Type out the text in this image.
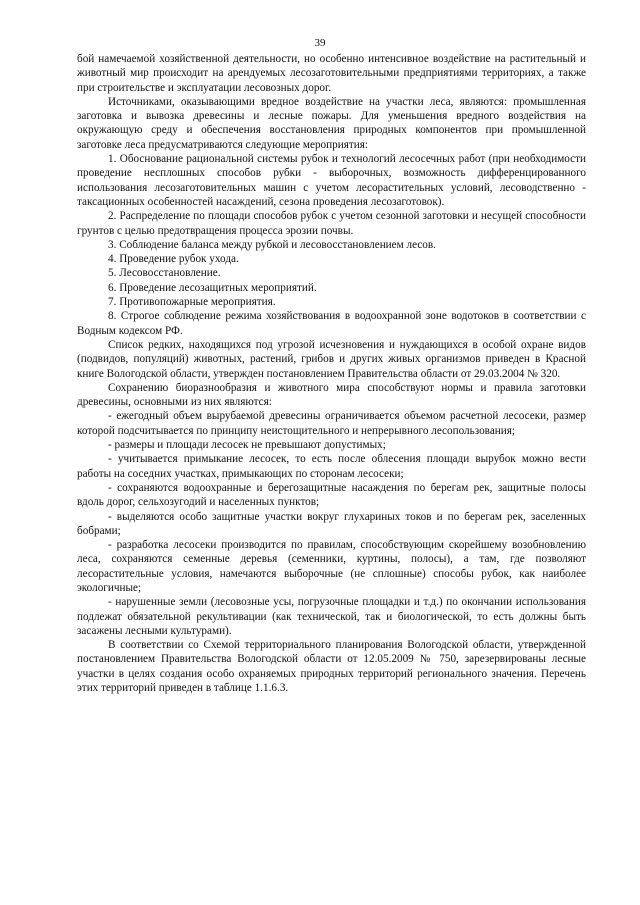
39

бой намечаемой хозяйственной деятельности, но особенно интенсивное воздействие на растительный и животный мир происходит на арендуемых лесозаготовительными предприятиями территориях, а также при строительстве и эксплуатации лесовозных дорог.

Источниками, оказывающими вредное воздействие на участки леса, являются: промышленная заготовка и вывозка древесины и лесные пожары. Для уменьшения вредного воздействия на окружающую среду и обеспечения восстановления природных компонентов при промышленной заготовке леса предусматриваются следующие мероприятия:

1. Обоснование рациональной системы рубок и технологий лесосечных работ (при необходимости проведение несплошных способов рубки - выборочных, возможность дифференцированного использования лесозаготовительных машин с учетом лесорастительных условий, лесоводственно - таксационных особенностей насаждений, сезона проведения лесозаготовок).

2. Распределение по площади способов рубок с учетом сезонной заготовки и несущей способности грунтов с целью предотвращения процесса эрозии почвы.

3. Соблюдение баланса между рубкой и лесовосстановлением лесов.

4. Проведение рубок ухода.

5. Лесовосстановление.

6. Проведение лесозащитных мероприятий.

7. Противопожарные мероприятия.

8. Строгое соблюдение режима хозяйствования в водоохранной зоне водотоков в соответствии с Водным кодексом РФ.

Список редких, находящихся под угрозой исчезновения и нуждающихся в особой охране видов (подвидов, популяций) животных, растений, грибов и других живых организмов приведен в Красной книге Вологодской области, утвержден постановлением Правительства области от 29.03.2004 № 320.

Сохранению биоразнообразия и животного мира способствуют нормы и правила заготовки древесины, основными из них являются:

- ежегодный объем вырубаемой древесины ограничивается объемом расчетной лесосеки, размер которой подсчитывается по принципу неистощительного и непрерывного лесопользования;

- размеры и площади лесосек не превышают допустимых;

- учитывается примыкание лесосек, то есть после облесения площади вырубок можно вести работы на соседних участках, примыкающих по сторонам лесосеки;

- сохраняются водоохранные и берегозащитные насаждения по берегам рек, защитные полосы вдоль дорог, сельхозугодий и населенных пунктов;

- выделяются особо защитные участки вокруг глухариных токов и по берегам рек, заселенных бобрами;

- разработка лесосеки производится по правилам, способствующим скорейшему возобновлению леса, сохраняются семенные деревья (семенники, куртины, полосы), а там, где позволяют лесорастительные условия, намечаются выборочные (не сплошные) способы рубок, как наиболее экологичные;

- нарушенные земли (лесовозные усы, погрузочные площадки и т.д.) по окончании использования подлежат обязательной рекультивации (как технической, так и биологической, то есть должны быть засажены лесными культурами).

В соответствии со Схемой территориального планирования Вологодской области, утвержденной постановлением Правительства Вологодской области от 12.05.2009 № 750, зарезервированы лесные участки в целях создания особо охраняемых природных территорий регионального значения. Перечень этих территорий приведен в таблице 1.1.6.3.
